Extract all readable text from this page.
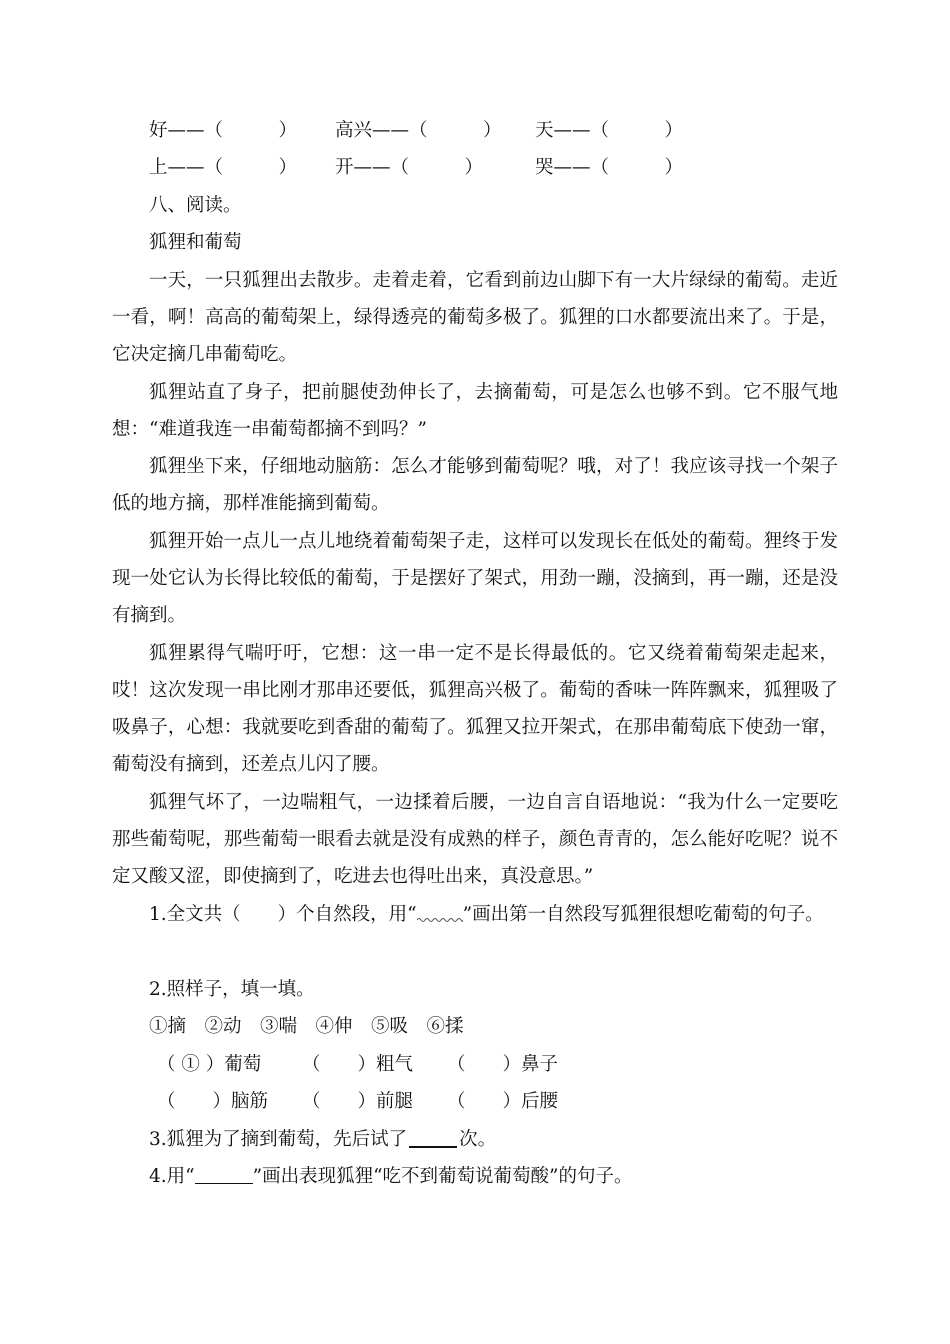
好——（　　　） 高兴——（　　　） 天——（　　　）
上——（　　　） 开——（　　　）	哭——（　　　）
八、阅读。
狐狸和葡萄
一天，一只狐狸出去散步。走着走着，它看到前边山脚下有一大片绿绿的葡萄。走近一看，啊！高高的葡萄架上，绿得透亮的葡萄多极了。狐狸的口水都要流出来了。于是，它决定摘几串葡萄吃。
狐狸站直了身子，把前腿使劲伸长了，去摘葡萄，可是怎么也够不到。它不服气地想：“难道我连一串葡萄都摘不到吗？”
狐狸坐下来，仔细地动脑筋：怎么才能够到葡萄呢？哦，对了！我应该寻找一个架子低的地方摘，那样准能摘到葡萄。
狐狸开始一点儿一点儿地绕着葡萄架子走，这样可以发现长在低处的葡萄。狸终于发现一处它认为长得比较低的葡萄，于是摆好了架式，用劲一蹦，没摘到，再一蹦，还是没有摘到。
狐狸累得气喘吁吁，它想：这一串一定不是长得最低的。它又绕着葡萄架走起来，哎！这次发现一串比刚才那串还要低，狐狸高兴极了。葡萄的香味一阵阵飘来，狐狸吸了吸鼻子，心想：我就要吃到香甜的葡萄了。狐狸又拉开架式，在那串葡萄底下使劲一窜，葡萄没有摘到，还差点儿闪了腰。
狐狸气坏了，一边喘粗气，一边揉着后腰，一边自言自语地说：“我为什么一定要吃那些葡萄呢，那些葡萄一眼看去就是没有成熟的样子，颜色青青的，怎么能好吃呢？说不定又酸又涩，即使摘到了，吃进去也得吐出来，真没意思。”
1.全文共（　　）个自然段，用“ ”画出第一自然段写狐狸很想吃葡萄的句子。
2.照样子，填一填。
①摘　②动　③喘　④伸　⑤吸　⑥揉
（ ① ）葡萄 （　　）粗气 （　　）鼻子
（　　）脑筋 （　　）前腿 （　　）后腰
3.狐狸为了摘到葡萄，先后试了	次。
4.用“	”画出表现狐狸“吃不到葡萄说葡萄酸”的句子。
